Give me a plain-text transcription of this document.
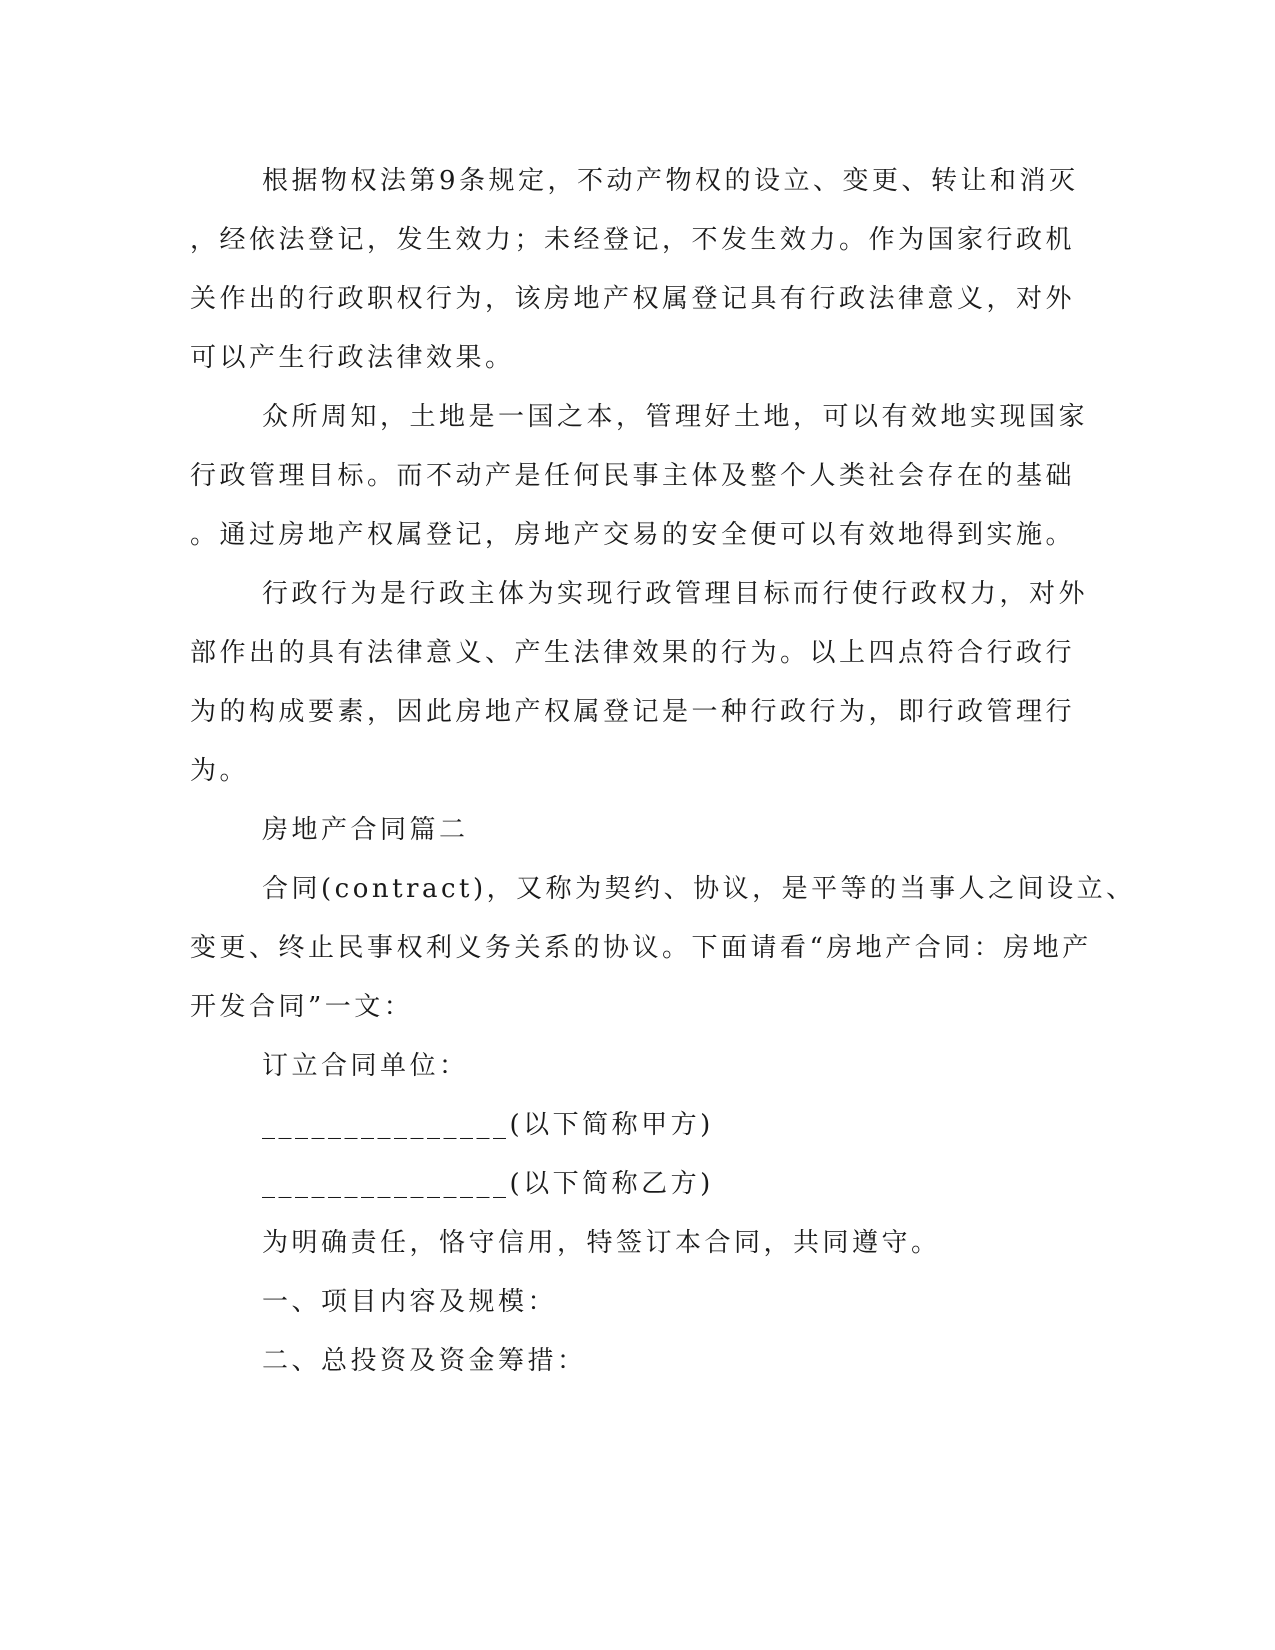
根据物权法第9条规定，不动产物权的设立、变更、转让和消灭
，经依法登记，发生效力；未经登记，不发生效力。作为国家行政机
关作出的行政职权行为，该房地产权属登记具有行政法律意义，对外
可以产生行政法律效果。
众所周知，土地是一国之本，管理好土地，可以有效地实现国家
行政管理目标。而不动产是任何民事主体及整个人类社会存在的基础
。通过房地产权属登记，房地产交易的安全便可以有效地得到实施。
行政行为是行政主体为实现行政管理目标而行使行政权力，对外
部作出的具有法律意义、产生法律效果的行为。以上四点符合行政行
为的构成要素，因此房地产权属登记是一种行政行为，即行政管理行
为。
房地产合同篇二
合同(contract)，又称为契约、协议，是平等的当事人之间设立、
变更、终止民事权利义务关系的协议。下面请看“房地产合同：房地产
开发合同”一文：
订立合同单位：
_______________(以下简称甲方)
_______________(以下简称乙方)
为明确责任，恪守信用，特签订本合同，共同遵守。
一、项目内容及规模：
二、总投资及资金筹措：
